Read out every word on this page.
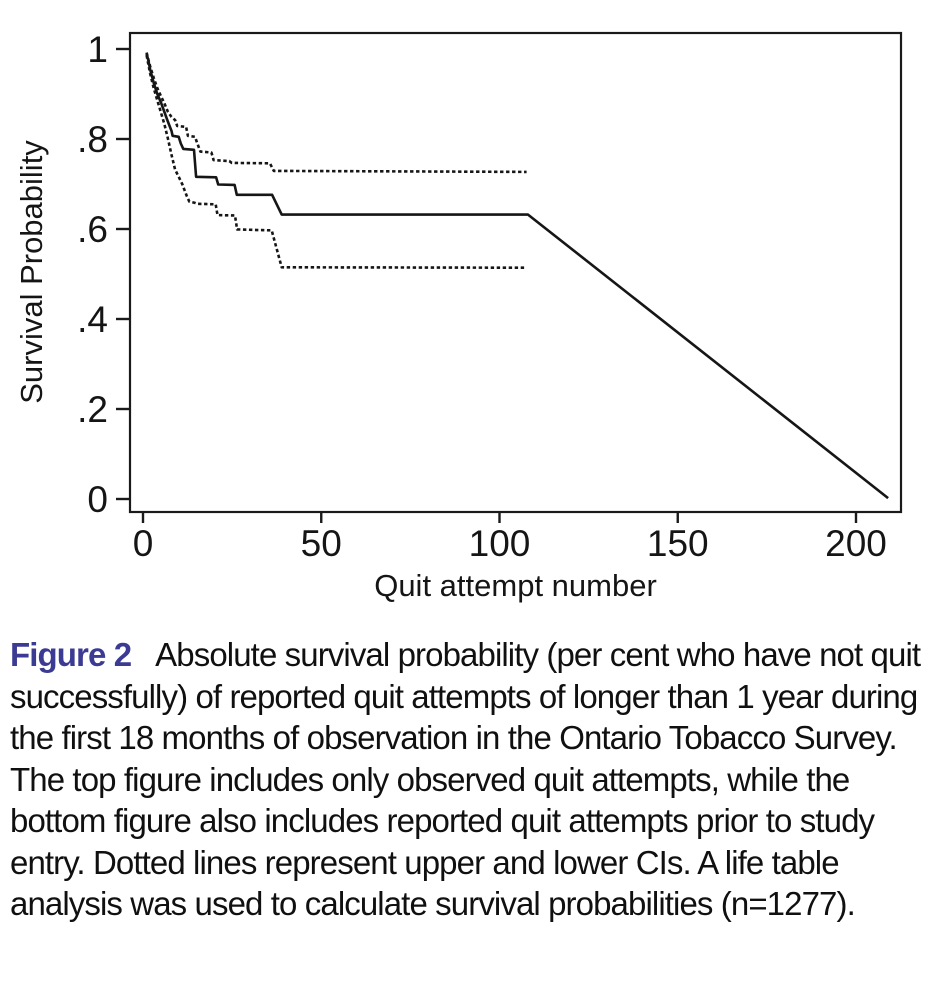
0
.2
.4
.6
.8
1
0	50	100	150	200
Quit attempt number
Survival Probability
Figure 2 Absolute survival probability (per cent who have not quit successfully) of reported quit attempts of longer than 1 year during the first 18 months of observation in the Ontario Tobacco Survey. The top figure includes only observed quit attempts, while the bottom figure also includes reported quit attempts prior to study entry. Dotted lines represent upper and lower CIs. A life table analysis was used to calculate survival probabilities (n=1277).
